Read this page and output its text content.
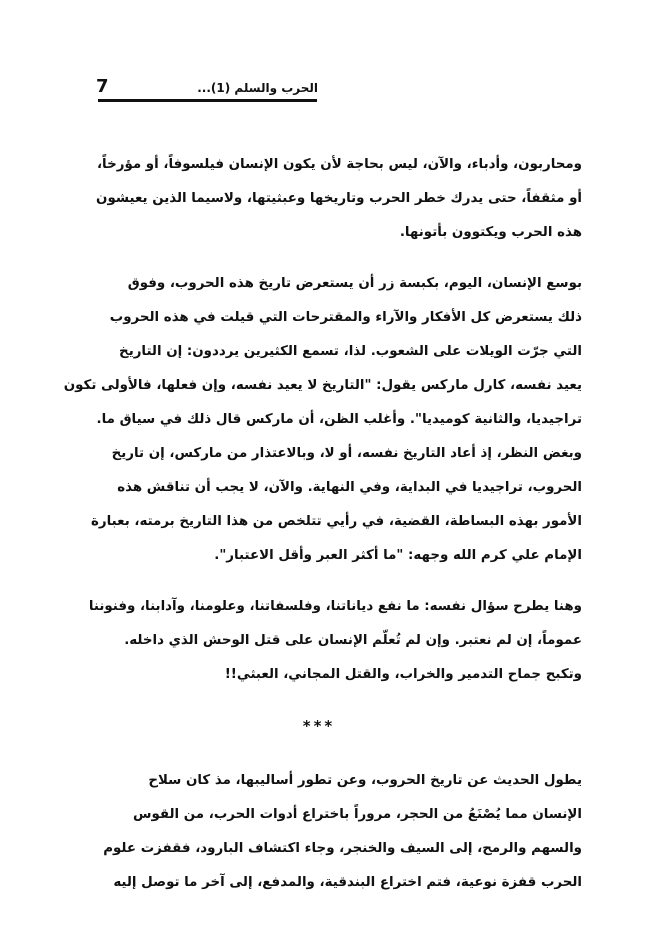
7	الحرب والسلم (1)...
ومحاربون، وأدباء، والآن، ليس بحاجة لأن يكون الإنسان فيلسوفاً، أو مؤرخاً،
أو مثقفاً، حتى يدرك خطر الحرب وتاريخها وعبثيتها، ولاسيما الذين يعيشون
هذه الحرب ويكتوون بأتونها.
بوسع الإنسان، اليوم، بكبسة زر أن يستعرض تاريخ هذه الحروب، وفوق
ذلك يستعرض كل الأفكار والآراء والمقترحات التي قيلت في هذه الحروب
التي جرّت الويلات على الشعوب. لذا، تسمع الكثيرين يرددون: إن التاريخ
يعيد نفسه، كارل ماركس يقول: "التاريخ لا يعيد نفسه، وإن فعلها، فالأولى تكون
تراجيديا، والثانية كوميديا". وأغلب الظن، أن ماركس قال ذلك في سياق ما.
وبغض النظر، إذ أعاد التاريخ نفسه، أو لا، وبالاعتذار من ماركس، إن تاريخ
الحروب، تراجيديا في البداية، وفي النهاية. والآن، لا يجب أن تناقش هذه
الأمور بهذه البساطة، القضية، في رأيي تتلخص من هذا التاريخ برمته، بعبارة
الإمام علي كرم الله وجهه: "ما أكثر العبر وأقل الاعتبار".
وهنا يطرح سؤال نفسه: ما نفع دياناتنا، وفلسفاتنا، وعلومنا، وآدابنا، وفنوننا
عموماً، إن لم نعتبر. وإن لم تُعلّم الإنسان على قتل الوحش الذي داخله.
وتكبح جماح التدمير والخراب، والقتل المجاني، العبثي!!
***
يطول الحديث عن تاريخ الحروب، وعن تطور أساليبها، مذ كان سلاح
الإنسان مما يُصْنَعُ من الحجر، مروراً باختراع أدوات الحرب، من القوس
والسهم والرمح، إلى السيف والخنجر، وجاء اكتشاف البارود، فقفزت علوم
الحرب قفزة نوعية، فتم اختراع البندقية، والمدفع، إلى آخر ما توصل إليه
